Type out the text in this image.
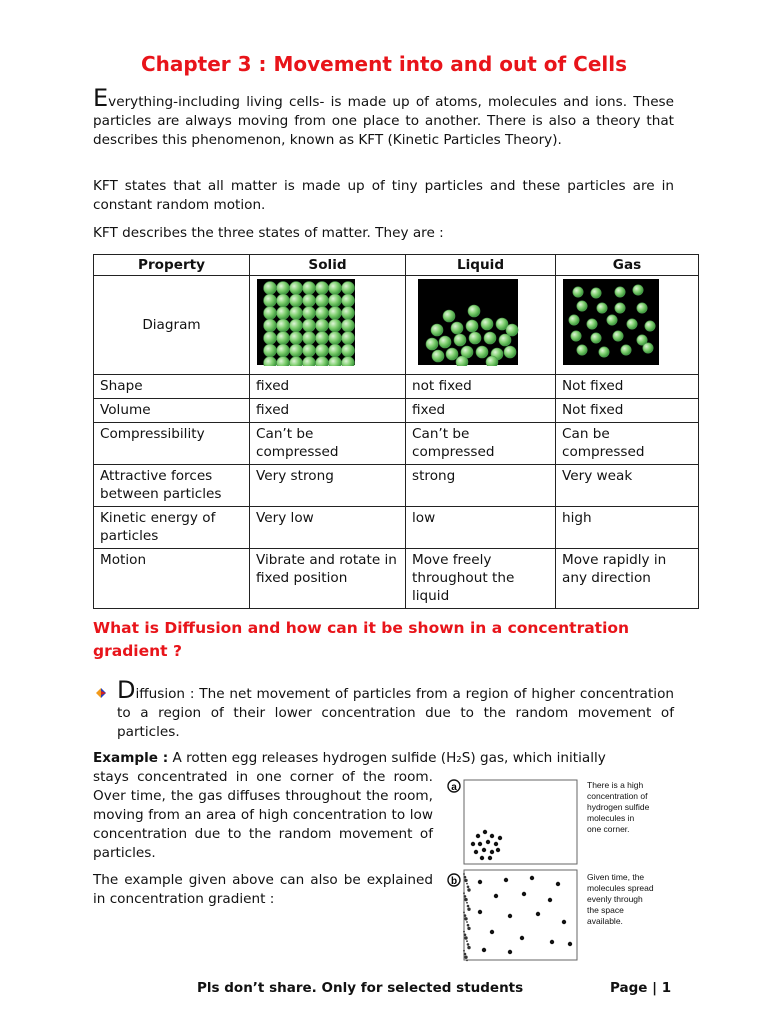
Chapter 3 : Movement into and out of Cells
Everything-including living cells- is made up of atoms, molecules and ions. These particles are always moving from one place to another. There is also a theory that describes this phenomenon, known as KFT (Kinetic Particles Theory).
KFT states that all matter is made up of tiny particles and these particles are in constant random motion.
KFT describes the three states of matter. They are :
Property	Solid	Liquid	Gas
Diagram			
Shape	fixed	not fixed	Not fixed
Volume	fixed	fixed	Not fixed
Compressibility	Can’t be compressed	Can’t be compressed	Can be compressed
Attractive forces between particles	Very strong	strong	Very weak
Kinetic energy of particles	Very low	low	high
Motion	Vibrate and rotate in fixed position	Move freely throughout the liquid	Move rapidly in any direction
What is Diffusion and how can it be shown in a concentration gradient ?
Diffusion : The net movement of particles from a region of higher concentration to a region of their lower concentration due to the random movement of particles.
Example : A rotten egg releases hydrogen sulfide (H₂S) gas, which initially
stays concentrated in one corner of the room. Over time, the gas diffuses throughout the room, moving from an area of high concentration to low concentration due to the random movement of particles.
The example given above can also be explained in concentration gradient :
a	There is a high
concentration of
hydrogen sulfide
molecules in
one corner.
b	Given time, the
molecules spread
evenly through
the space
available.
Pls don’t share. Only for selected students	Page | 1
